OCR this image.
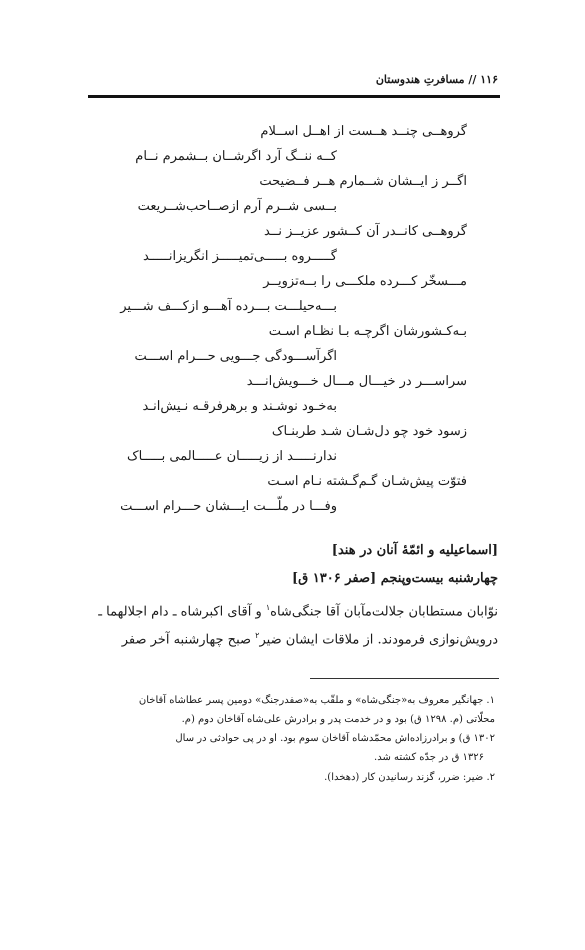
۱۱۶ // مسافرتِ هندوستان
گروهــی چنــد هــست از اهــل اســلام
کــه ننــگ آرد اگرشــان بــشمرم نــام
اگــر ز ایــشان شــمارم هــر فــضیحت
بــسی شــرم آرم ازصــاحب‌شــریعت
گروهــی کانــدر آن کــشور عزیــز نــد
گـــــروه بـــــی‌تمیـــــز انگریزانـــــد
مـــسخّر کـــرده ملکـــی را بــه‌تزویــر
بـــه‌حیلـــت بـــرده آهـــو ازکـــف شـــیر
بـه‌کـشورشان اگرچـه بـا نظـام اسـت
اگرآســـودگی جـــویی حـــرام اســـت
سراســـر در خیـــال مـــال خـــویش‌انـــد
به‌خـود نوشـند و برهرفرقـه نـیش‌انـد
زسود خود چو دل‌شـان شـد طربنـاک
ندارنـــــد از زیـــــان عـــــالمی بـــــاک
فتوّت پیش‌شـان گـم‌گـشته نـام اسـت
وفـــا در ملّـــت ایـــشان حـــرام اســـت
[اسماعیلیه و ائمّهٔ آنان در هند]
چهارشنبه بیست‌وپنجم [صفر ۱۳۰۶ ق]
نوّابان مستطابان جلالت‌مآبان آقا جنگی‌شاه$^۱$ و آقای اکبرشاه ـ دام اجلالهما ـ
درویش‌نوازی فرمودند. از ملاقات ایشان ضیر$^۲$ صبح چهارشنبه آخر صفر
۱. جهانگیر معروف به«جنگی‌شاه» و ملقّب به«صفدرجنگ» دومین پسر عطاشاه آقاخان
محلّاتی (م. ۱۲۹۸ ق) بود و در خدمت پدر و برادرش علی‌شاه آقاخان دوم (م.
۱۳۰۲ ق) و برادرزاده‌اش محمّدشاه آقاخان سوم بود. او در پی حوادثی در سال
۱۳۲۶ ق در جدّه کشته شد.
۲. ضیر: ضرر، گزند رسانیدن کار (دهخدا).
